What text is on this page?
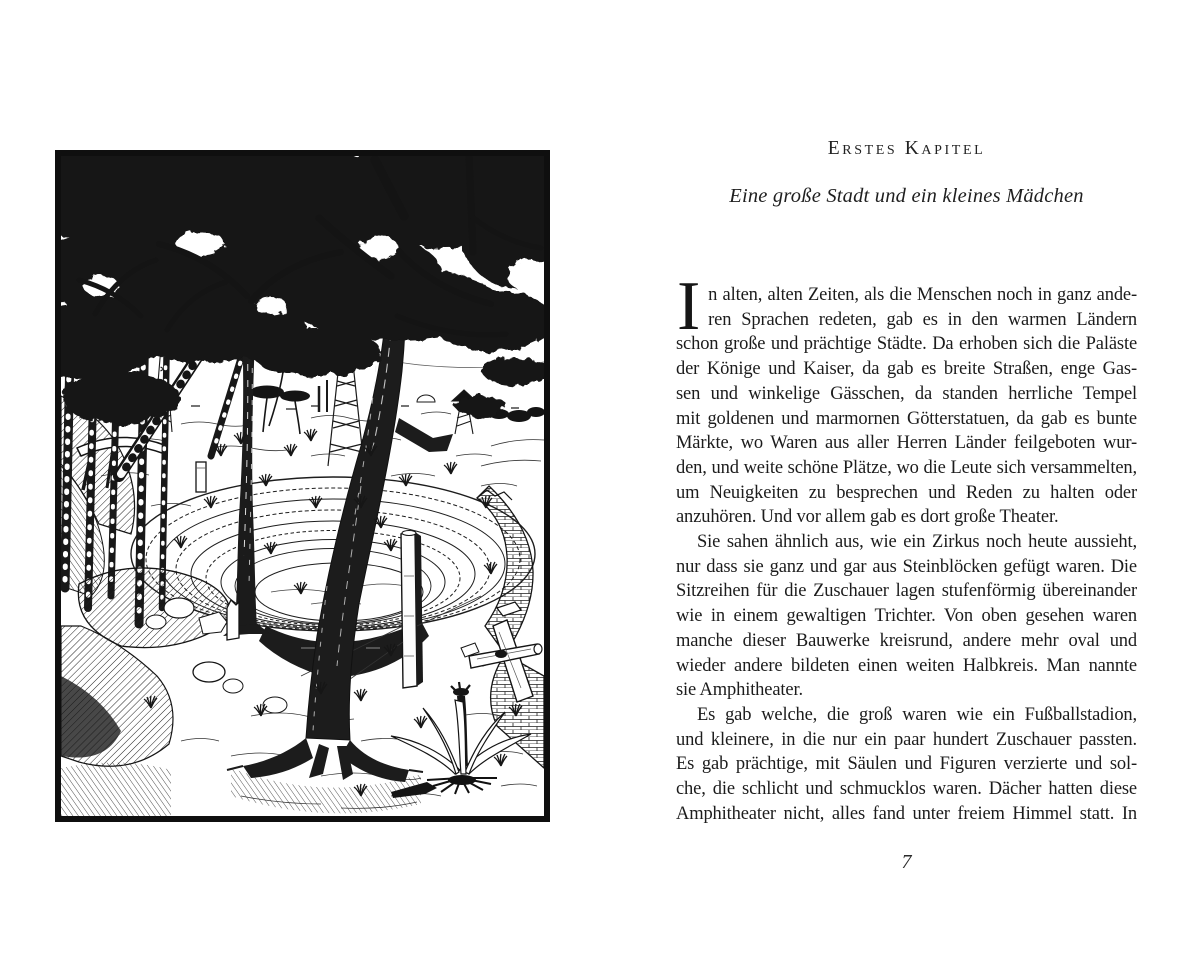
Erstes Kapitel
Eine große Stadt und ein kleines Mädchen
I n alten, alten Zeiten, als die Menschen noch in ganz ande-
ren Sprachen redeten, gab es in den warmen Ländern
schon große und prächtige Städte. Da erhoben sich die Paläste
der Könige und Kaiser, da gab es breite Straßen, enge Gas-
sen und winkelige Gässchen, da standen herrliche Tempel
mit goldenen und marmornen Götterstatuen, da gab es bunte
Märkte, wo Waren aus aller Herren Länder feilgeboten wur-
den, und weite schöne Plätze, wo die Leute sich versammelten,
um Neuigkeiten zu besprechen und Reden zu halten oder
anzuhören. Und vor allem gab es dort große Theater.
Sie sahen ähnlich aus, wie ein Zirkus noch heute aussieht,
nur dass sie ganz und gar aus Steinblöcken gefügt waren. Die
Sitzreihen für die Zuschauer lagen stufenförmig übereinander
wie in einem gewaltigen Trichter. Von oben gesehen waren
manche dieser Bauwerke kreisrund, andere mehr oval und
wieder andere bildeten einen weiten Halbkreis. Man nannte
sie Amphitheater.
Es gab welche, die groß waren wie ein Fußballstadion,
und kleinere, in die nur ein paar hundert Zuschauer passten.
Es gab prächtige, mit Säulen und Figuren verzierte und sol-
che, die schlicht und schmucklos waren. Dächer hatten diese
Amphitheater nicht, alles fand unter freiem Himmel statt. In
7
